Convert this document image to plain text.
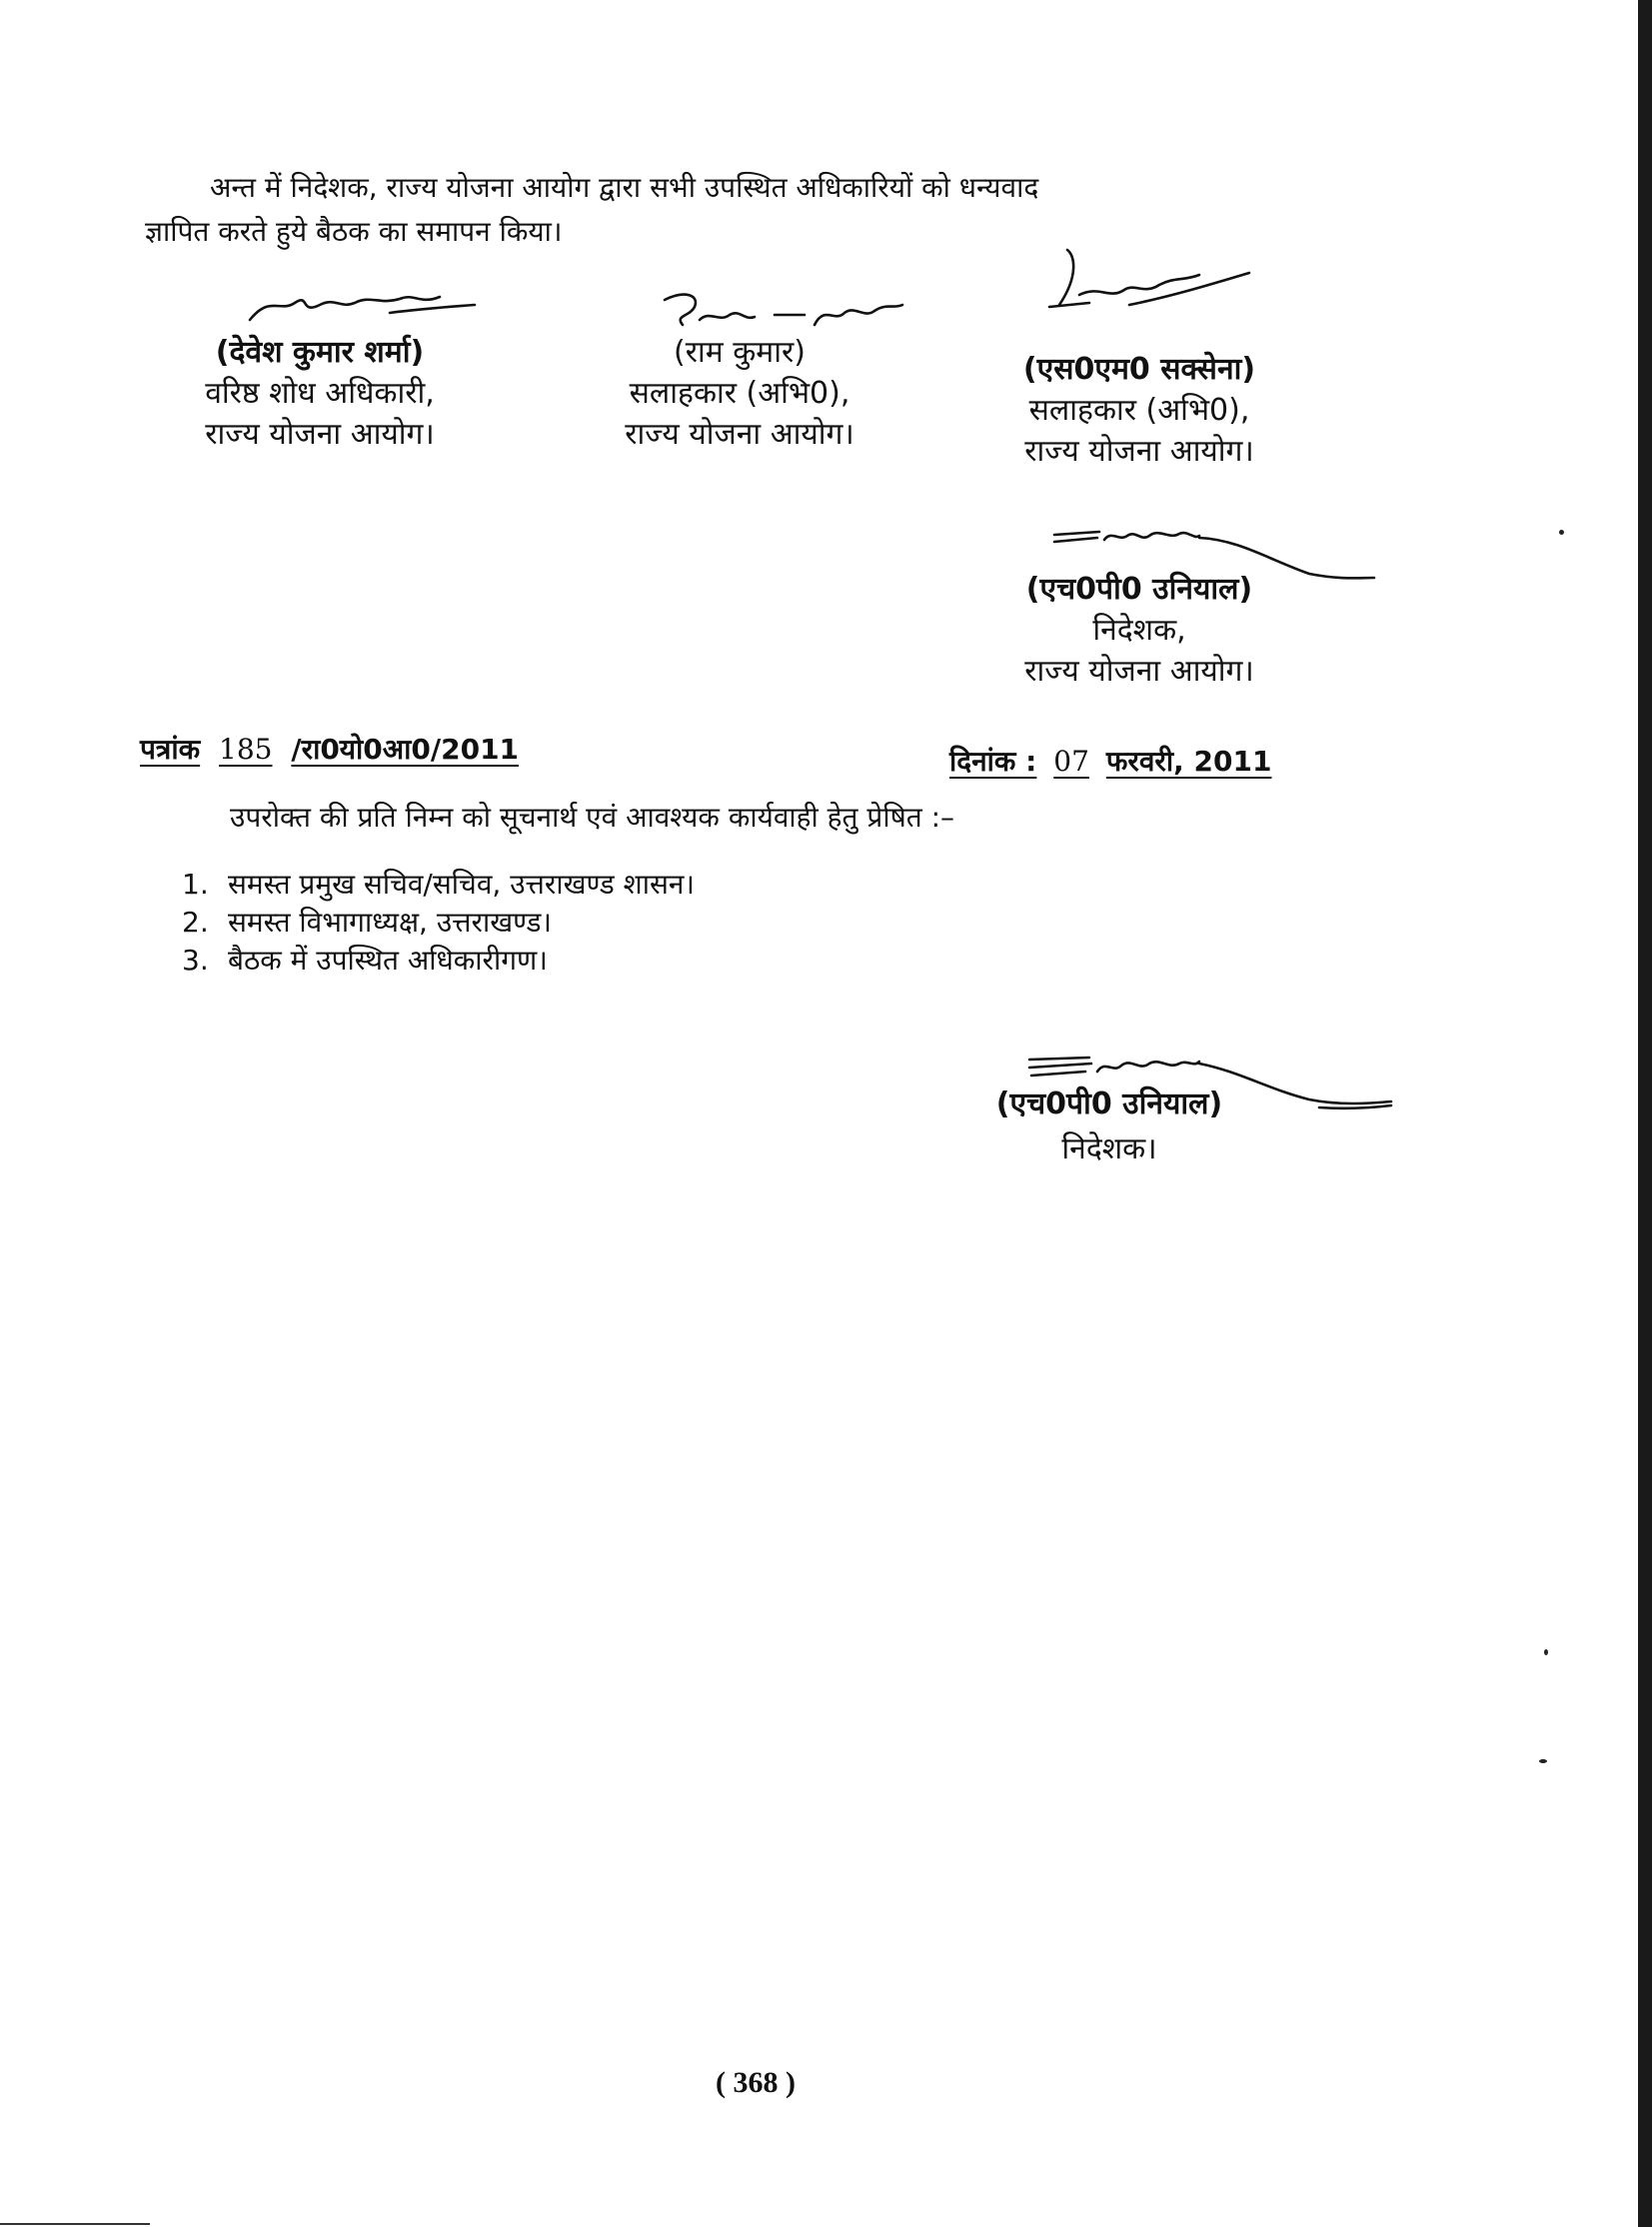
अन्त में निदेशक, राज्य योजना आयोग द्वारा सभी उपस्थित अधिकारियों को धन्यवाद
ज्ञापित करते हुये बैठक का समापन किया।
(देवेश कुमार शर्मा)
वरिष्ठ शोध अधिकारी,
राज्य योजना आयोग।
(राम कुमार)
सलाहकार (अभि0),
राज्य योजना आयोग।
(एस0एम0 सक्सेना)
सलाहकार (अभि0),
राज्य योजना आयोग।
(एच0पी0 उनियाल)
निदेशक,
राज्य योजना आयोग।
पत्रांक 185 /रा0यो0आ0/2011	दिनांक : 07 फरवरी, 2011
उपरोक्त की प्रति निम्न को सूचनार्थ एवं आवश्यक कार्यवाही हेतु प्रेषित :–
1. समस्त प्रमुख सचिव/सचिव, उत्तराखण्ड शासन।
2. समस्त विभागाध्यक्ष, उत्तराखण्ड।
3. बैठक में उपस्थित अधिकारीगण।
(एच0पी0 उनियाल)
निदेशक।
( 368 )
